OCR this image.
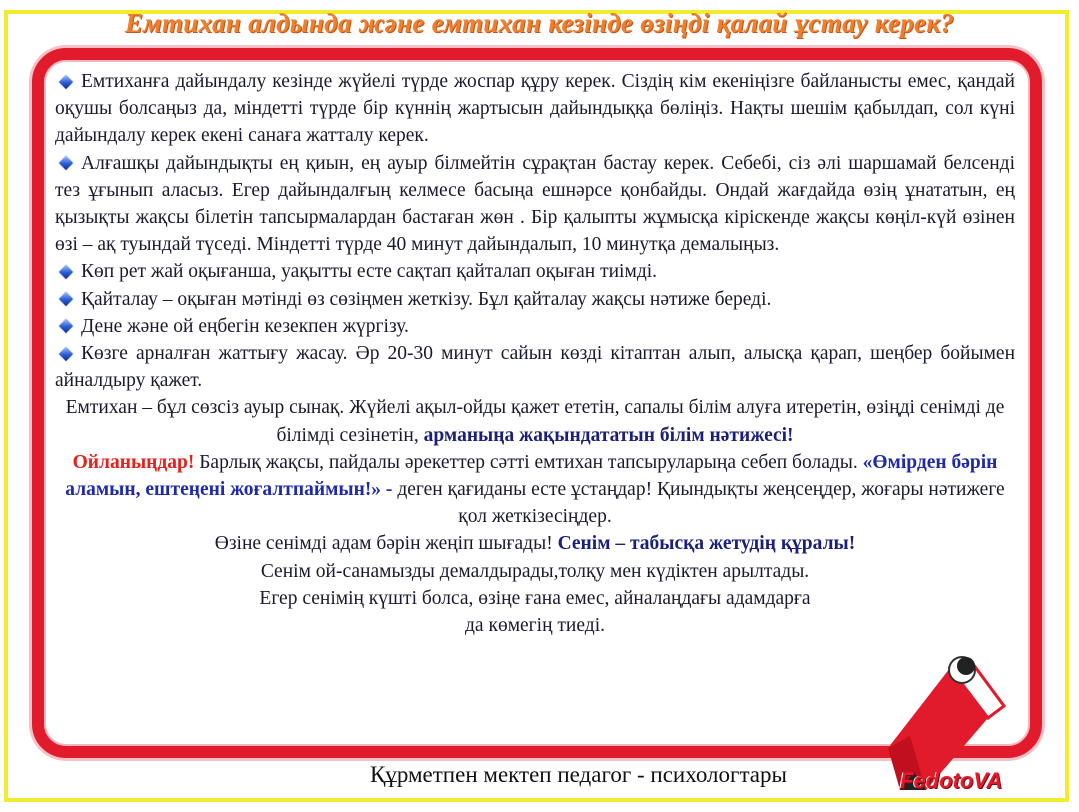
Емтихан алдында және емтихан кезінде өзіңді қалай ұстау керек?

Емтиханға дайындалу кезінде жүйелі түрде жоспар құру керек. Сіздің кім екеніңізге байланысты емес, қандай оқушы болсаңыз да, міндетті түрде бір күннің жартысын дайындыққа бөліңіз. Нақты шешім қабылдап, сол күні дайындалу керек екені санаға жатталу керек.

Алғашқы дайындықты ең қиын, ең ауыр білмейтін сұрақтан бастау керек. Себебі, сіз әлі шаршамай белсенді тез ұғынып аласыз. Егер дайындалғың келмесе басыңа ешнәрсе қонбайды. Ондай жағдайда өзің ұнататын, ең қызықты жақсы білетін тапсырмалардан бастаған жөн . Бір қалыпты жұмысқа кірiскенде жақсы көңіл-күй өзінен өзі – ақ туындай түседі. Міндетті түрде 40 минут дайындалып, 10 минутқа демалыңыз.

Көп рет жай оқығанша, уақытты есте сақтап қайталап оқыған тиімді.

Қайталау – оқыған мәтінді өз сөзіңмен жеткізу. Бұл қайталау жақсы нәтиже береді.

Дене және ой еңбегін кезекпен жүргізу.

Көзге арналған жаттығу жасау. Әр 20-30 минут сайын көзді кітаптан алып, алысқа қарап, шеңбер бойымен айналдыру қажет.

Емтихан – бұл сөзсіз ауыр сынақ. Жүйелі ақыл-ойды қажет ететін, сапалы білім алуға итеретін, өзіңді сенімді де білімді сезінетін, арманыңа жақындататын білім нәтижесі!

Ойланыңдар! Барлық жақсы, пайдалы әрекеттер сәтті емтихан тапсыруларыңа себеп болады. «Өмірден бәрін аламын, ештеңені жоғалтпаймын!» - деген қағиданы есте ұстаңдар! Қиындықты жеңсеңдер, жоғары нәтижеге қол жеткізесіңдер.

Өзіне сенімді адам бәрін жеңіп шығады! Сенім – табысқа жетудің құралы!

Сенім ой-санамызды демалдырады,толқу мен күдіктен арылтады.

Егер сенімің күшті болса, өзіңе ғана емес, айналаңдағы адамдарға

да көмегің тиеді.

Құрметпен мектеп педагог - психологтары	FedotoVA
